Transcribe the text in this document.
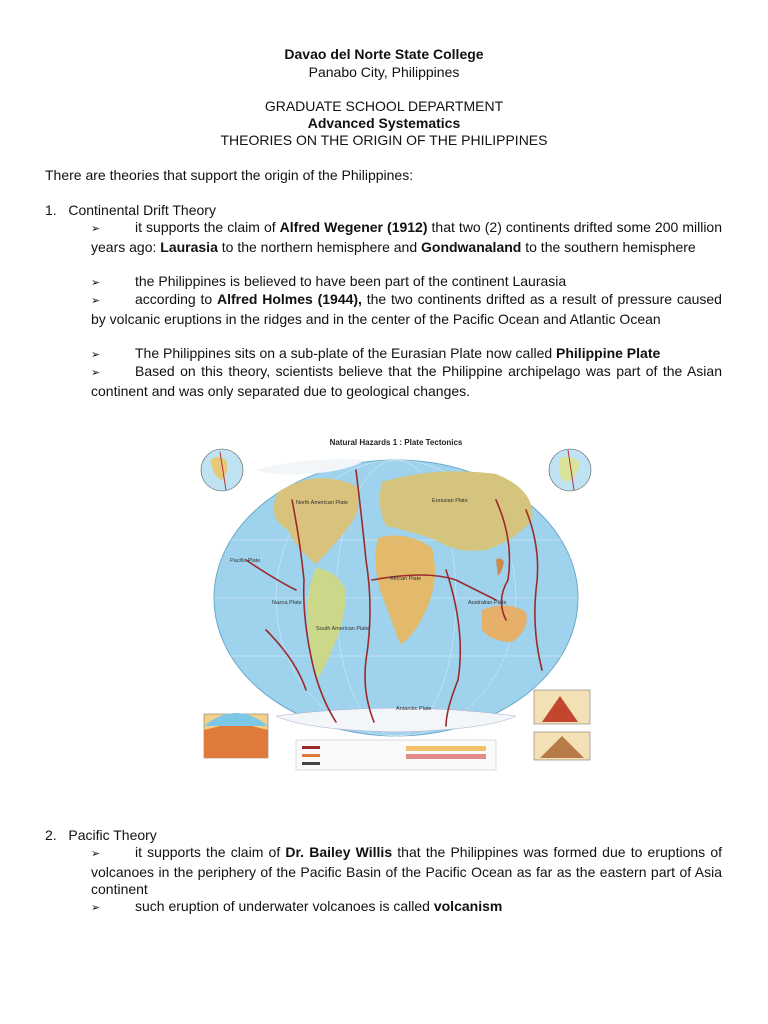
Davao del Norte State College
Panabo City, Philippines
GRADUATE SCHOOL DEPARTMENT
Advanced Systematics
THEORIES ON THE ORIGIN OF THE PHILIPPINES
There are theories that support the origin of the Philippines:
1. Continental Drift Theory
➢ it supports the claim of Alfred Wegener (1912) that two (2) continents drifted some 200 million years ago: Laurasia to the northern hemisphere and Gondwanaland to the southern hemisphere
➢ the Philippines is believed to have been part of the continent Laurasia
➢ according to Alfred Holmes (1944), the two continents drifted as a result of pressure caused by volcanic eruptions in the ridges and in the center of the Pacific Ocean and Atlantic Ocean
➢ The Philippines sits on a sub-plate of the Eurasian Plate now called Philippine Plate
➢ Based on this theory, scientists believe that the Philippine archipelago was part of the Asian continent and was only separated due to geological changes.
Natural Hazards 1 : Plate Tectonics
North American Plate	Eurasian Plate
Pacific Plate
Nazca Plate
African Plate
South American Plate
Australian Plate
Antarctic Plate
2. Pacific Theory
➢ it supports the claim of Dr. Bailey Willis that the Philippines was formed due to eruptions of volcanoes in the periphery of the Pacific Basin of the Pacific Ocean as far as the eastern part of Asia continent
➢ such eruption of underwater volcanoes is called volcanism
